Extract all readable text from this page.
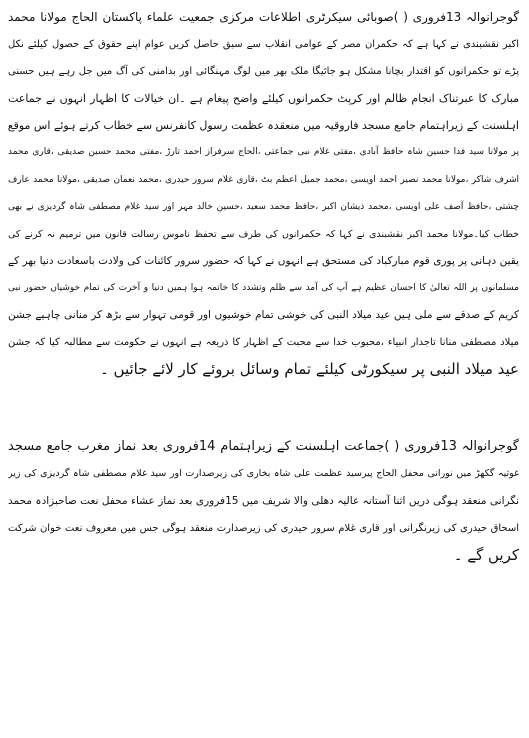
گوجرانوالہ 13فروری ( )صوبائی سیکرٹری اطلاعات مرکزی جمعیت علماء پاکستان الحاج مولانا محمد
اکبر نقشبندی نے کہا ہے کہ حکمران مصر کے عوامی انقلاب سے سبق حاصل کریں عوام اپنے حقوق کے حصول کیلئے نکل
پڑے تو حکمرانوں کو اقتدار بچانا مشکل ہو جائیگا ملک بھر میں لوگ مہنگائی اور بدامنی کی آگ میں جل رہے ہیں حسنی
مبارک کا عبرتناک انجام ظالم اور کرپٹ حکمرانوں کیلئے واضح پیغام ہے ۔ان خیالات کا اظہار انہوں نے جماعت
اہلسنت کے زیراہتمام جامع مسجد فاروقیہ میں منعقدہ عظمت رسول کانفرنس سے خطاب کرتے ہوئے اس موقع
پر مولانا سید فدا حسین شاہ حافظ آبادی ،مفتی غلام نبی جماعتی ،الحاج سرفراز احمد تارڑ ،مفتی محمد حسین صدیقی ،قاری محمد
اشرف شاکر ،مولانا محمد نصیر احمد اویسی ،محمد جمیل اعظم بٹ ،قاری غلام سرور حیدری ،محمد نعمان صدیقی ،مولانا محمد عارف
چشتی ،حافظ آصف علی اویسی ،محمد ذیشان اکبر ،حافظ محمد سعید ،حسین خالد مہر اور سید غلام مصطفی شاہ گردیزی نے بھی
خطاب کیا۔مولانا محمد اکبر نقشبندی نے کہا کہ حکمرانوں کی طرف سے تحفظ ناموس رسالت قانون میں ترمیم نہ کرنے کی
یقین دہانی پر پوری قوم مبارکباد کی مستحق ہے انہوں نے کہا کہ حضور سرور کائنات کی ولادت باسعادت دنیا بھر کے
مسلمانوں پر اللہ تعالیٰ کا احسان عظیم ہے آپ کی آمد سے ظلم وتشدد کا خاتمہ ہوا ہمیں دنیا و آخرت کی تمام خوشیاں حضور نبی
کریم کے صدقے سے ملی ہیں عید میلاد النبی کی خوشی تمام خوشیوں اور قومی تہوار سے بڑھ کر منانی چاہیے جشن
میلاد مصطفی منانا تاجدار انبیاء ،محبوب خدا سے محبت کے اظہار کا ذریعہ ہے انہوں نے حکومت سے مطالبہ کیا کہ جشن
عید میلاد النبی پر سیکورٹی کیلئے تمام وسائل بروئے کار لائے جائیں ۔
گوجرانوالہ 13فروری ( )جماعت اہلسنت کے زیراہتمام 14فروری بعد نماز مغرب جامع مسجد
غوثیہ گکھڑ میں نورانی محفل الحاج پیرسید عظمت علی شاہ بخاری کی زیرصدارت اور سید غلام مصطفی شاہ گردیزی کی زیر
نگرانی منعقد ہوگی دریں اثنا آستانہ عالیہ دھلی والا شریف میں 15فروری بعد نماز عشاء محفل نعت صاحبزادہ محمد
اسحاق حیدری کی زیرنگرانی اور قاری غلام سرور حیدری کی زیرصدارت منعقد ہوگی جس میں معروف نعت خوان شرکت
کریں گے ۔
